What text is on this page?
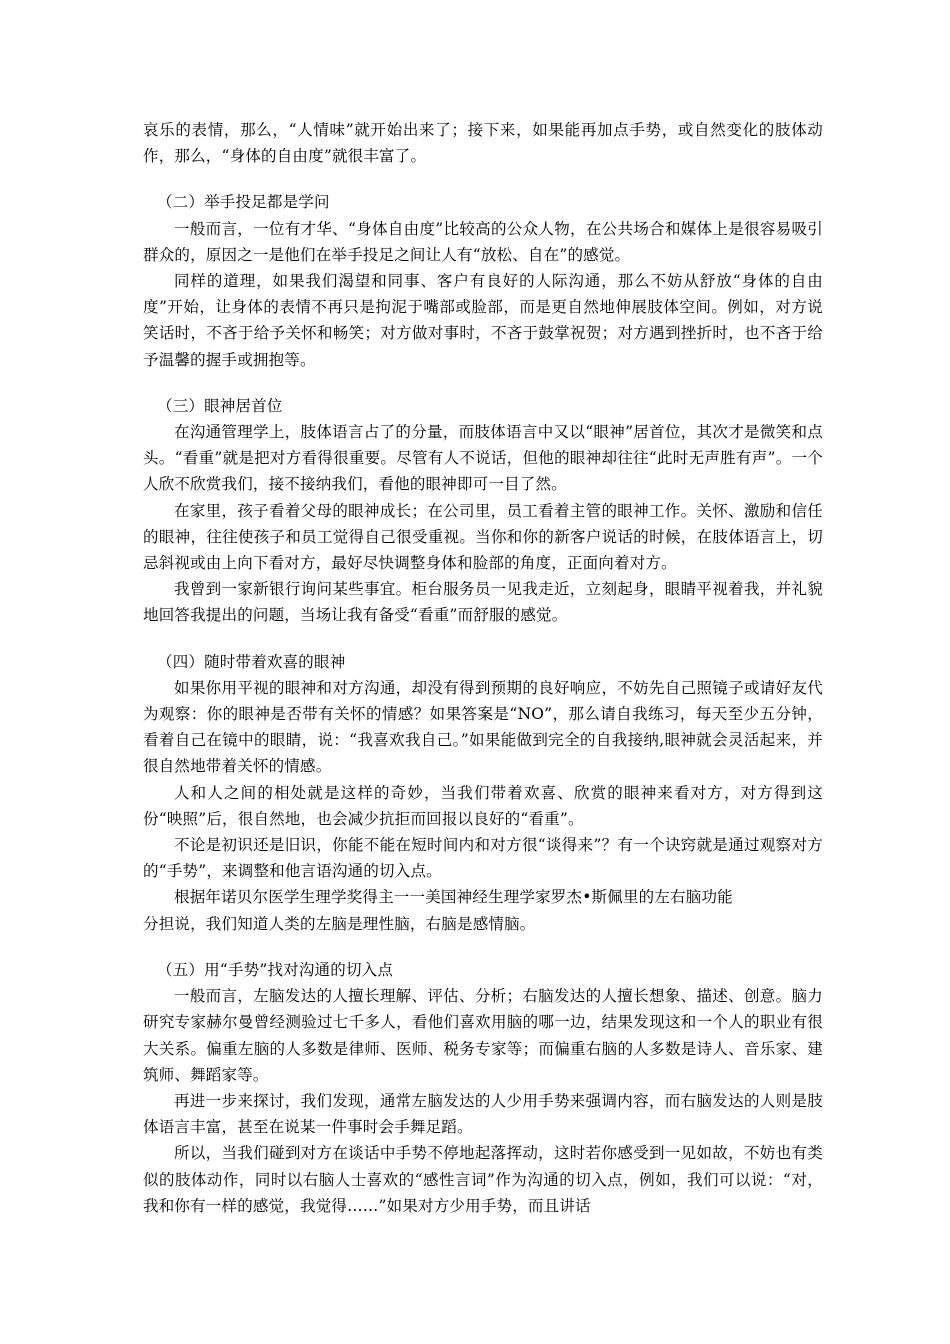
哀乐的表情，那么，“人情味”就开始出来了；接下来，如果能再加点手势，或自然变化的肢体动作，那么，“身体的自由度”就很丰富了。

（二）举手投足都是学问

一般而言，一位有才华、“身体自由度”比较高的公众人物，在公共场合和媒体上是很容易吸引群众的，原因之一是他们在举手投足之间让人有“放松、自在”的感觉。

同样的道理，如果我们渴望和同事、客户有良好的人际沟通，那么不妨从舒放“身体的自由度”开始，让身体的表情不再只是拘泥于嘴部或脸部，而是更自然地伸展肢体空间。例如，对方说笑话时，不吝于给予关怀和畅笑；对方做对事时，不吝于鼓掌祝贺；对方遇到挫折时，也不吝于给予温馨的握手或拥抱等。

（三）眼神居首位

在沟通管理学上，肢体语言占了的分量，而肢体语言中又以“眼神”居首位，其次才是微笑和点头。“看重”就是把对方看得很重要。尽管有人不说话，但他的眼神却往往“此时无声胜有声”。一个人欣不欣赏我们，接不接纳我们，看他的眼神即可一目了然。

在家里，孩子看着父母的眼神成长；在公司里，员工看着主管的眼神工作。关怀、激励和信任的眼神，往往使孩子和员工觉得自己很受重视。当你和你的新客户说话的时候，在肢体语言上，切忌斜视或由上向下看对方，最好尽快调整身体和脸部的角度，正面向着对方。

我曾到一家新银行询问某些事宜。柜台服务员一见我走近，立刻起身，眼睛平视着我，并礼貌地回答我提出的问题，当场让我有备受“看重”而舒服的感觉。

（四）随时带着欢喜的眼神

如果你用平视的眼神和对方沟通，却没有得到预期的良好响应，不妨先自己照镜子或请好友代为观察：你的眼神是否带有关怀的情感？如果答案是“NO”，那么请自我练习，每天至少五分钟，看着自己在镜中的眼睛，说：“我喜欢我自己。”如果能做到完全的自我接纳,眼神就会灵活起来，并很自然地带着关怀的情感。

人和人之间的相处就是这样的奇妙，当我们带着欢喜、欣赏的眼神来看对方，对方得到这份“映照”后，很自然地，也会减少抗拒而回报以良好的“看重”。

不论是初识还是旧识，你能不能在短时间内和对方很“谈得来”？有一个诀窍就是通过观察对方的“手势”，来调整和他言语沟通的切入点。

根据年诺贝尔医学生理学奖得主一一美国神经生理学家罗杰•斯佩里的左右脑功能

分担说，我们知道人类的左脑是理性脑，右脑是感情脑。

（五）用“手势”找对沟通的切入点

一般而言，左脑发达的人擅长理解、评估、分析；右脑发达的人擅长想象、描述、创意。脑力研究专家赫尔曼曾经测验过七千多人，看他们喜欢用脑的哪一边，结果发现这和一个人的职业有很大关系。偏重左脑的人多数是律师、医师、税务专家等；而偏重右脑的人多数是诗人、音乐家、建筑师、舞蹈家等。

再进一步来探讨，我们发现，通常左脑发达的人少用手势来强调内容，而右脑发达的人则是肢体语言丰富，甚至在说某一件事时会手舞足蹈。

所以，当我们碰到对方在谈话中手势不停地起落挥动，这时若你感受到一见如故，不妨也有类似的肢体动作，同时以右脑人士喜欢的“感性言词”作为沟通的切入点，例如，我们可以说：“对，我和你有一样的感觉，我觉得……”如果对方少用手势，而且讲话
